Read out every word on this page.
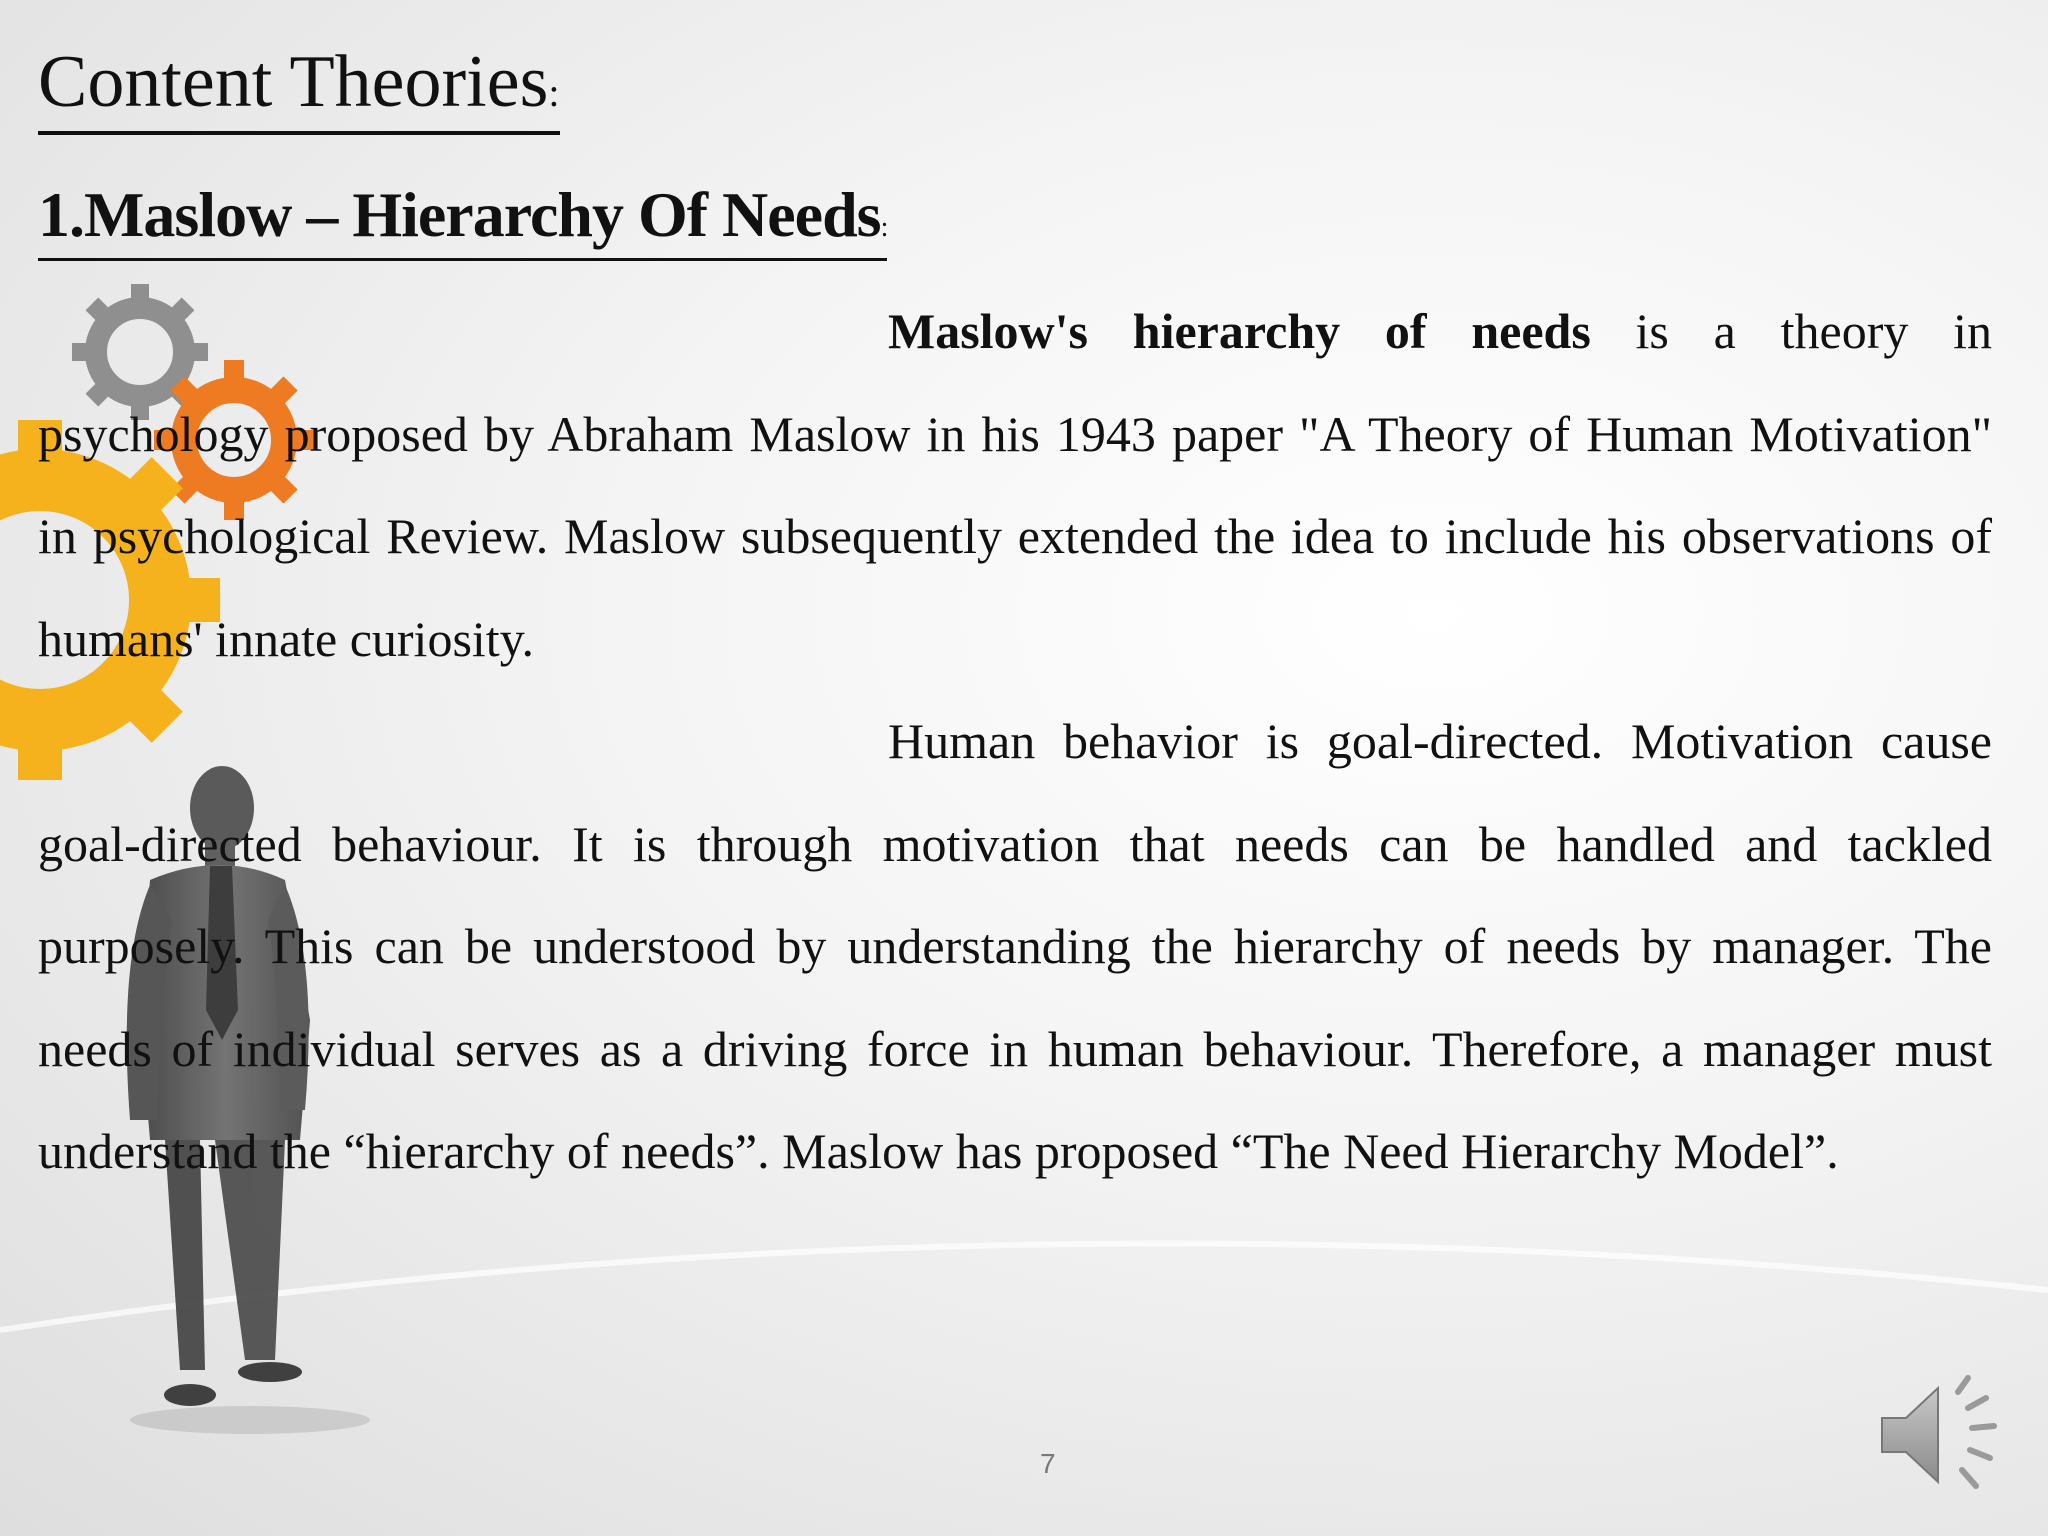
Content Theories:
1.Maslow – Hierarchy Of Needs:

Maslow's hierarchy of needs is a theory in psychology proposed by Abraham Maslow in his 1943 paper "A Theory of Human Motivation" in psychological Review. Maslow subsequently extended the idea to include his observations of humans' innate curiosity.

Human behavior is goal-directed. Motivation cause goal-directed behaviour. It is through motivation that needs can be handled and tackled purposely. This can be understood by understanding the hierarchy of needs by manager. The needs of individual serves as a driving force in human behaviour. Therefore, a manager must understand the “hierarchy of needs”. Maslow has proposed “The Need Hierarchy Model”.

7
